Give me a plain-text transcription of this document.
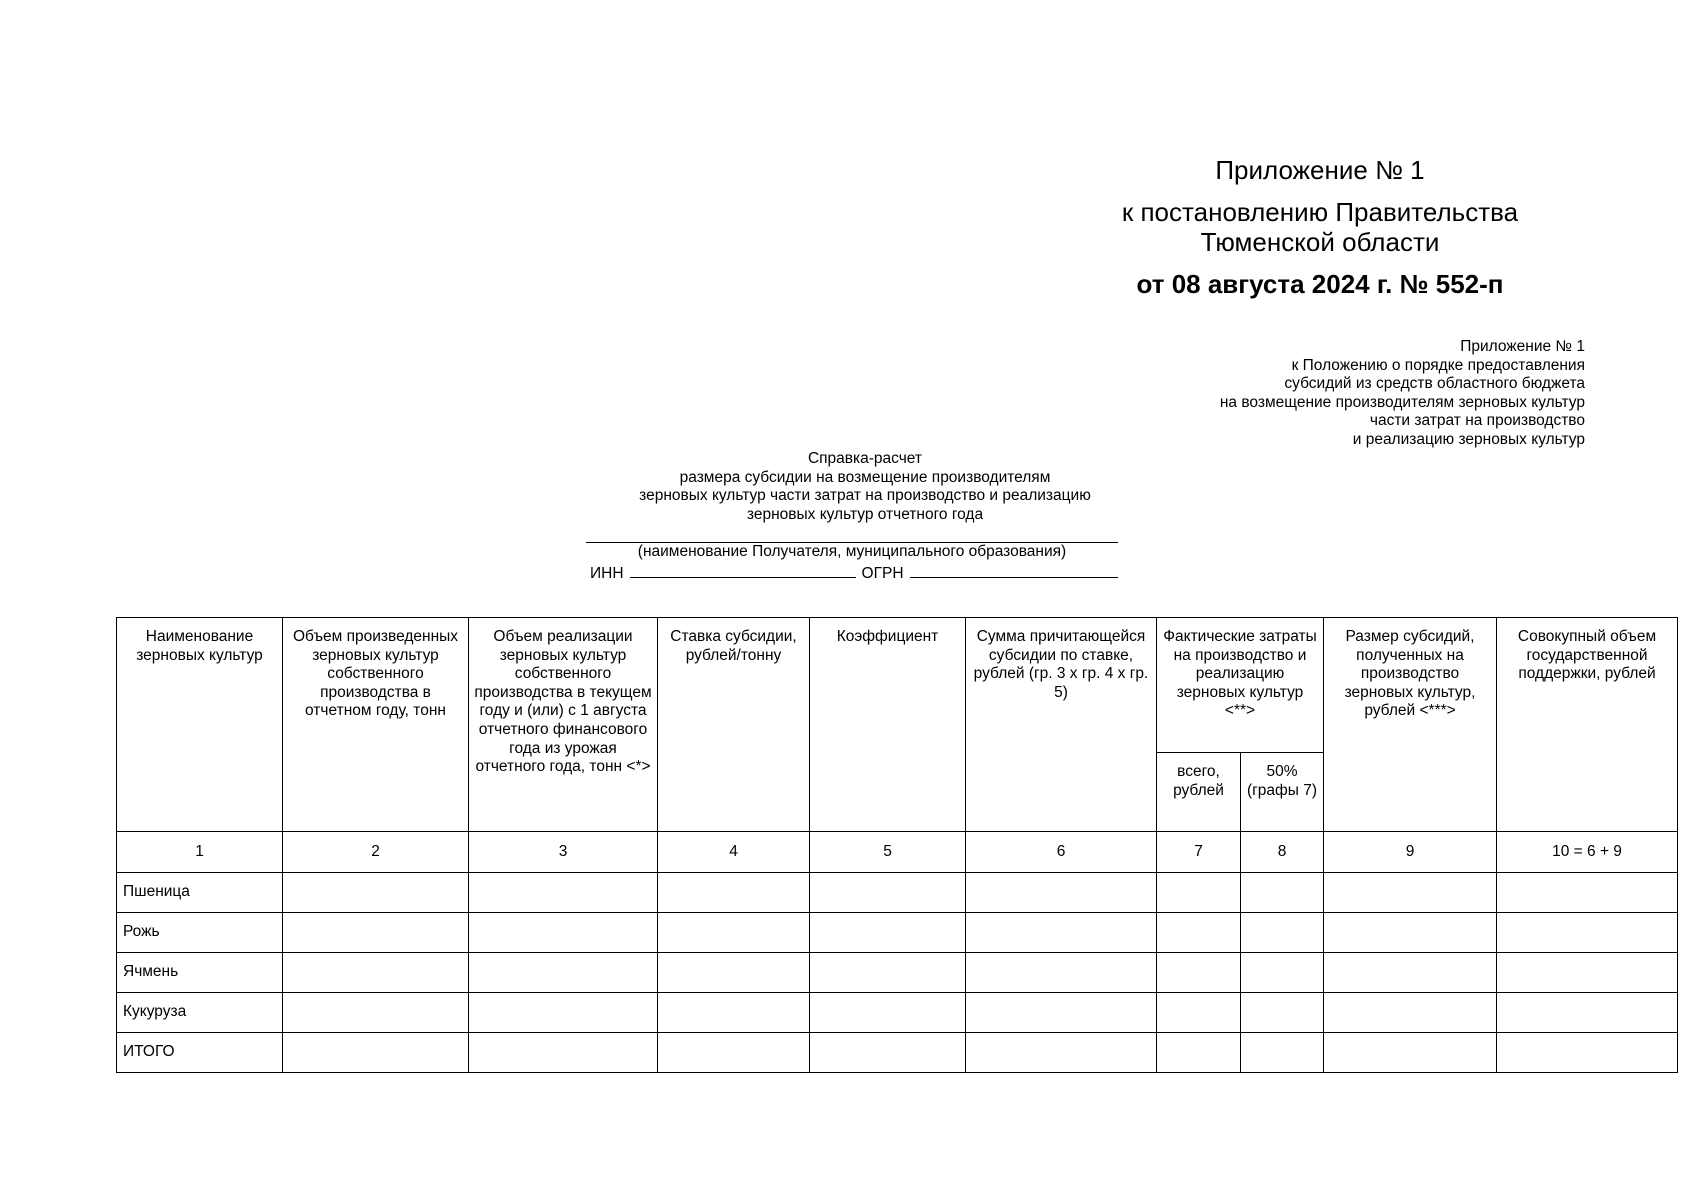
Приложение № 1
к постановлению Правительства
Тюменской области
от 08 августа 2024 г. № 552-п
Приложение № 1
к Положению о порядке предоставления
субсидий из средств областного бюджета
на возмещение производителям зерновых культур
части затрат на производство
и реализацию зерновых культур
Справка-расчет
размера субсидии на возмещение производителям
зерновых культур части затрат на производство и реализацию
зерновых культур отчетного года
(наименование Получателя, муниципального образования)
ИНН	ОГРН
Наименование зерновых культур	Объем произведенных зерновых культур собственного производства в отчетном году, тонн	Объем реализации зерновых культур собственного производства в текущем году и (или) с 1 августа отчетного финансового года из урожая отчетного года, тонн <*>	Ставка субсидии, рублей/тонну	Коэффициент	Сумма причитающейся субсидии по ставке, рублей (гр. 3 x гр. 4 x гр. 5)	Фактические затраты на производство и реализацию зерновых культур <**>		Размер субсидий, полученных на производство зерновых культур, рублей <***>	Совокупный объем государственной поддержки, рублей
						всего, рублей	50% (графы 7)		
1	2	3	4	5	6	7	8	9	10 = 6 + 9
Пшеница									
Рожь									
Ячмень									
Кукуруза									
ИТОГО									
